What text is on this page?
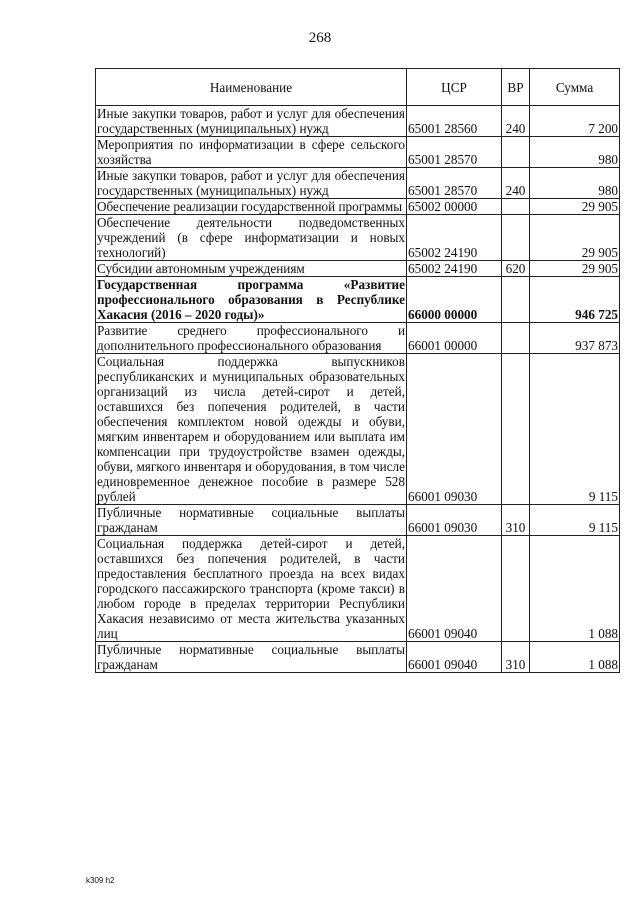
268
Наименование	ЦСР	ВР	Сумма
Иные закупки товаров, работ и услуг для обеспечения государственных (муниципальных) нужд	65001 28560	240	7 200
Мероприятия по информатизации в сфере сельского хозяйства	65001 28570		980
Иные закупки товаров, работ и услуг для обеспечения государственных (муниципальных) нужд	65001 28570	240	980
Обеспечение реализации государственной программы	65002 00000		29 905
Обеспечение деятельности подведомственных учреждений (в сфере информатизации и новых технологий)	65002 24190		29 905
Субсидии автономным учреждениям	65002 24190	620	29 905
Государственная программа «Развитие профессионального образования в Республике Хакасия (2016 – 2020 годы)»	66000 00000		946 725
Развитие среднего профессионального и дополнительного профессионального образования	66001 00000		937 873
Социальная поддержка выпускников республиканских и муниципальных образовательных организаций из числа детей-сирот и детей, оставшихся без попечения родителей, в части обеспечения комплектом новой одежды и обуви, мягким инвентарем и оборудованием или выплата им компенсации при трудоустройстве взамен одежды, обуви, мягкого инвентаря и оборудования, в том числе единовременное денежное пособие в размере 528 рублей	66001 09030		9 115
Публичные нормативные социальные выплаты гражданам	66001 09030	310	9 115
Социальная поддержка детей-сирот и детей, оставшихся без попечения родителей, в части предоставления бесплатного проезда на всех видах городского пассажирского транспорта (кроме такси) в любом городе в пределах территории Республики Хакасия независимо от места жительства указанных лиц	66001 09040		1 088
Публичные нормативные социальные выплаты гражданам	66001 09040	310	1 088
k309 h2
